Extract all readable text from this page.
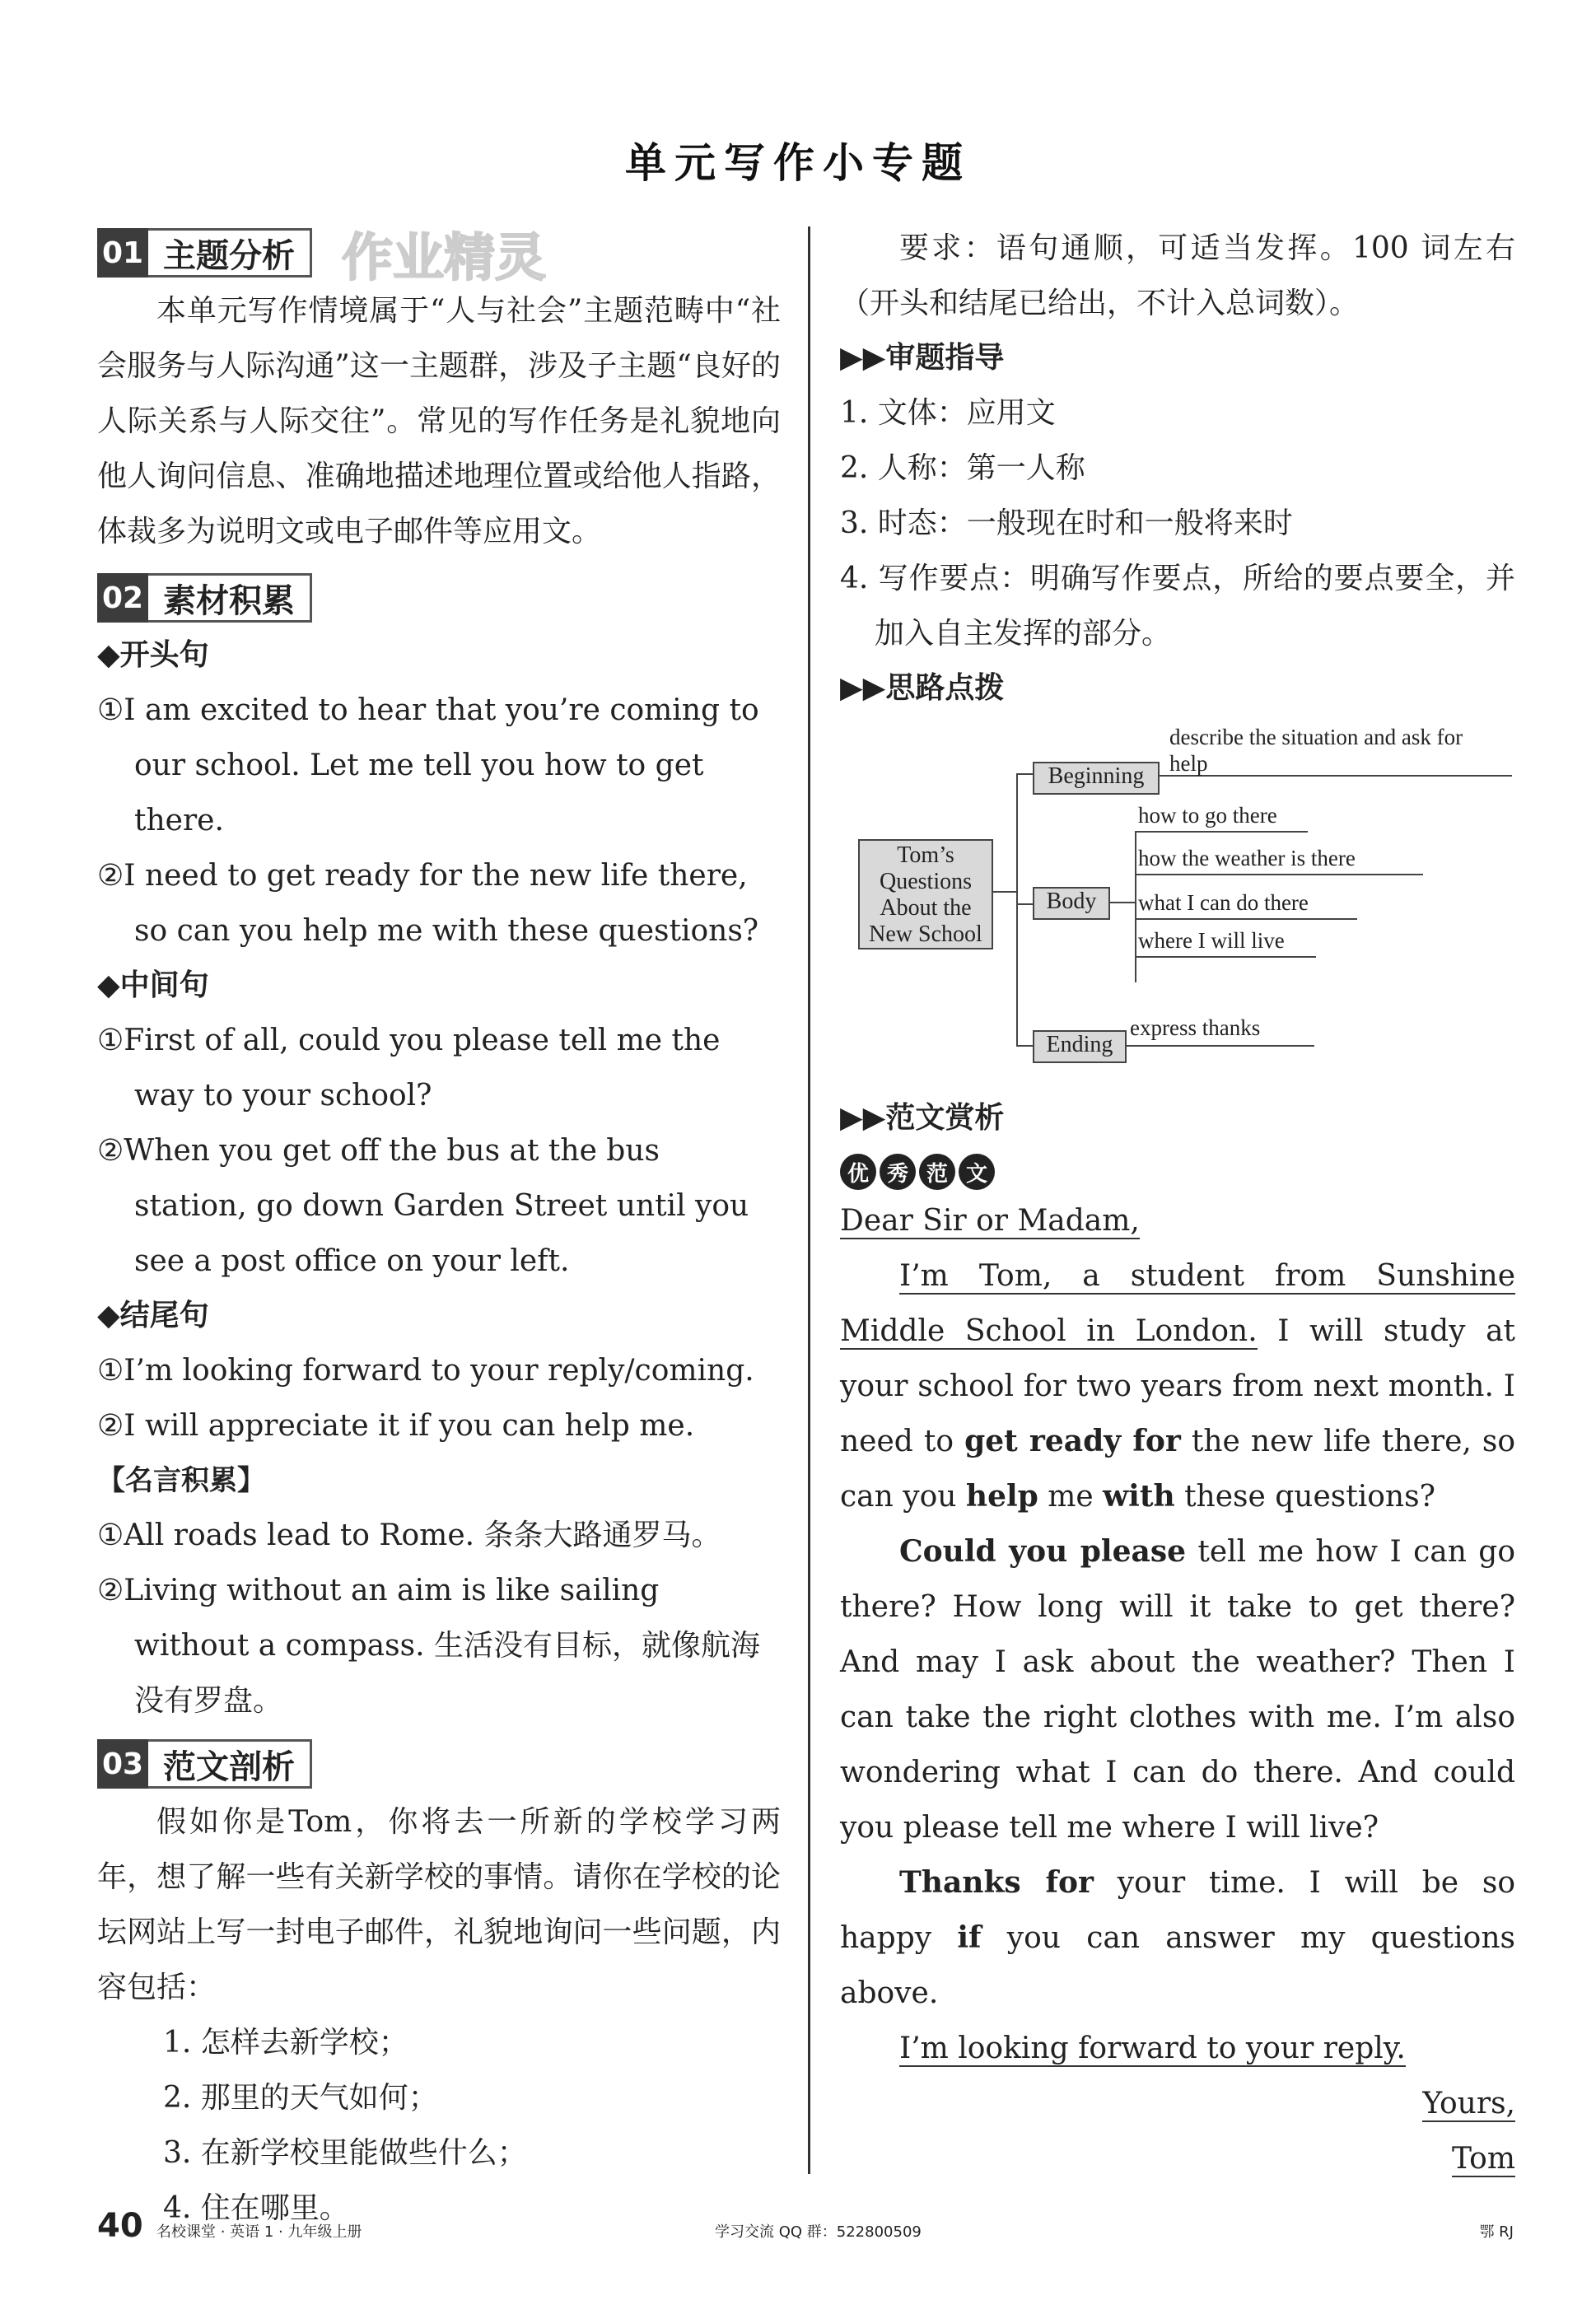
单元写作小专题
01 主题分析 作业精灵

本单元写作情境属于“人与社会”主题范畴中“社会服务与人际沟通”这一主题群，涉及子主题“良好的人际关系与人际交往”。常见的写作任务是礼貌地向他人询问信息、准确地描述地理位置或给他人指路，体裁多为说明文或电子邮件等应用文。

02 素材积累
◆开头句
①I am excited to hear that you’re coming to our school. Let me tell you how to get there.
②I need to get ready for the new life there, so can you help me with these questions?
◆中间句
①First of all, could you please tell me the way to your school?
②When you get off the bus at the bus station, go down Garden Street until you see a post office on your left.
◆结尾句
①I’m looking forward to your reply/coming.
②I will appreciate it if you can help me.
【名言积累】
①All roads lead to Rome. 条条大路通罗马。
②Living without an aim is like sailing without a compass. 生活没有目标，就像航海没有罗盘。
03 范文剖析

假如你是Tom，你将去一所新的学校学习两年，想了解一些有关新学校的事情。请你在学校的论坛网站上写一封电子邮件，礼貌地询问一些问题，内容包括：

1. 怎样去新学校；
2. 那里的天气如何；
3. 在新学校里能做些什么；
4. 住在哪里。

要求：语句通顺，可适当发挥。100 词左右（开头和结尾已给出，不计入总词数）。

▶▶审题指导
1. 文体：应用文
2. 人称：第一人称
3. 时态：一般现在时和一般将来时
4. 写作要点：明确写作要点，所给的要点要全，并加入自主发挥的部分。
▶▶思路点拨
Tom’s Questions About the New School
Beginning
describe the situation and ask for help
Body
how to go there
how the weather is there
what I can do there
where I will live
Ending
express thanks
▶▶范文赏析
优 秀 范 文
Dear Sir or Madam,

I’m Tom, a student from Sunshine Middle School in London. I will study at your school for two years from next month. I need to get ready for the new life there, so can you help me with these questions?

Could you please tell me how I can go there? How long will it take to get there? And may I ask about the weather? Then I can take the right clothes with me. I’m also wondering what I can do there. And could you please tell me where I will live?

Thanks for your time. I will be so happy if you can answer my questions above.

I’m looking forward to your reply.

Yours,
Tom
40 名校课堂 · 英语 1 · 九年级上册	学习交流 QQ 群：522800509	鄂 RJ
